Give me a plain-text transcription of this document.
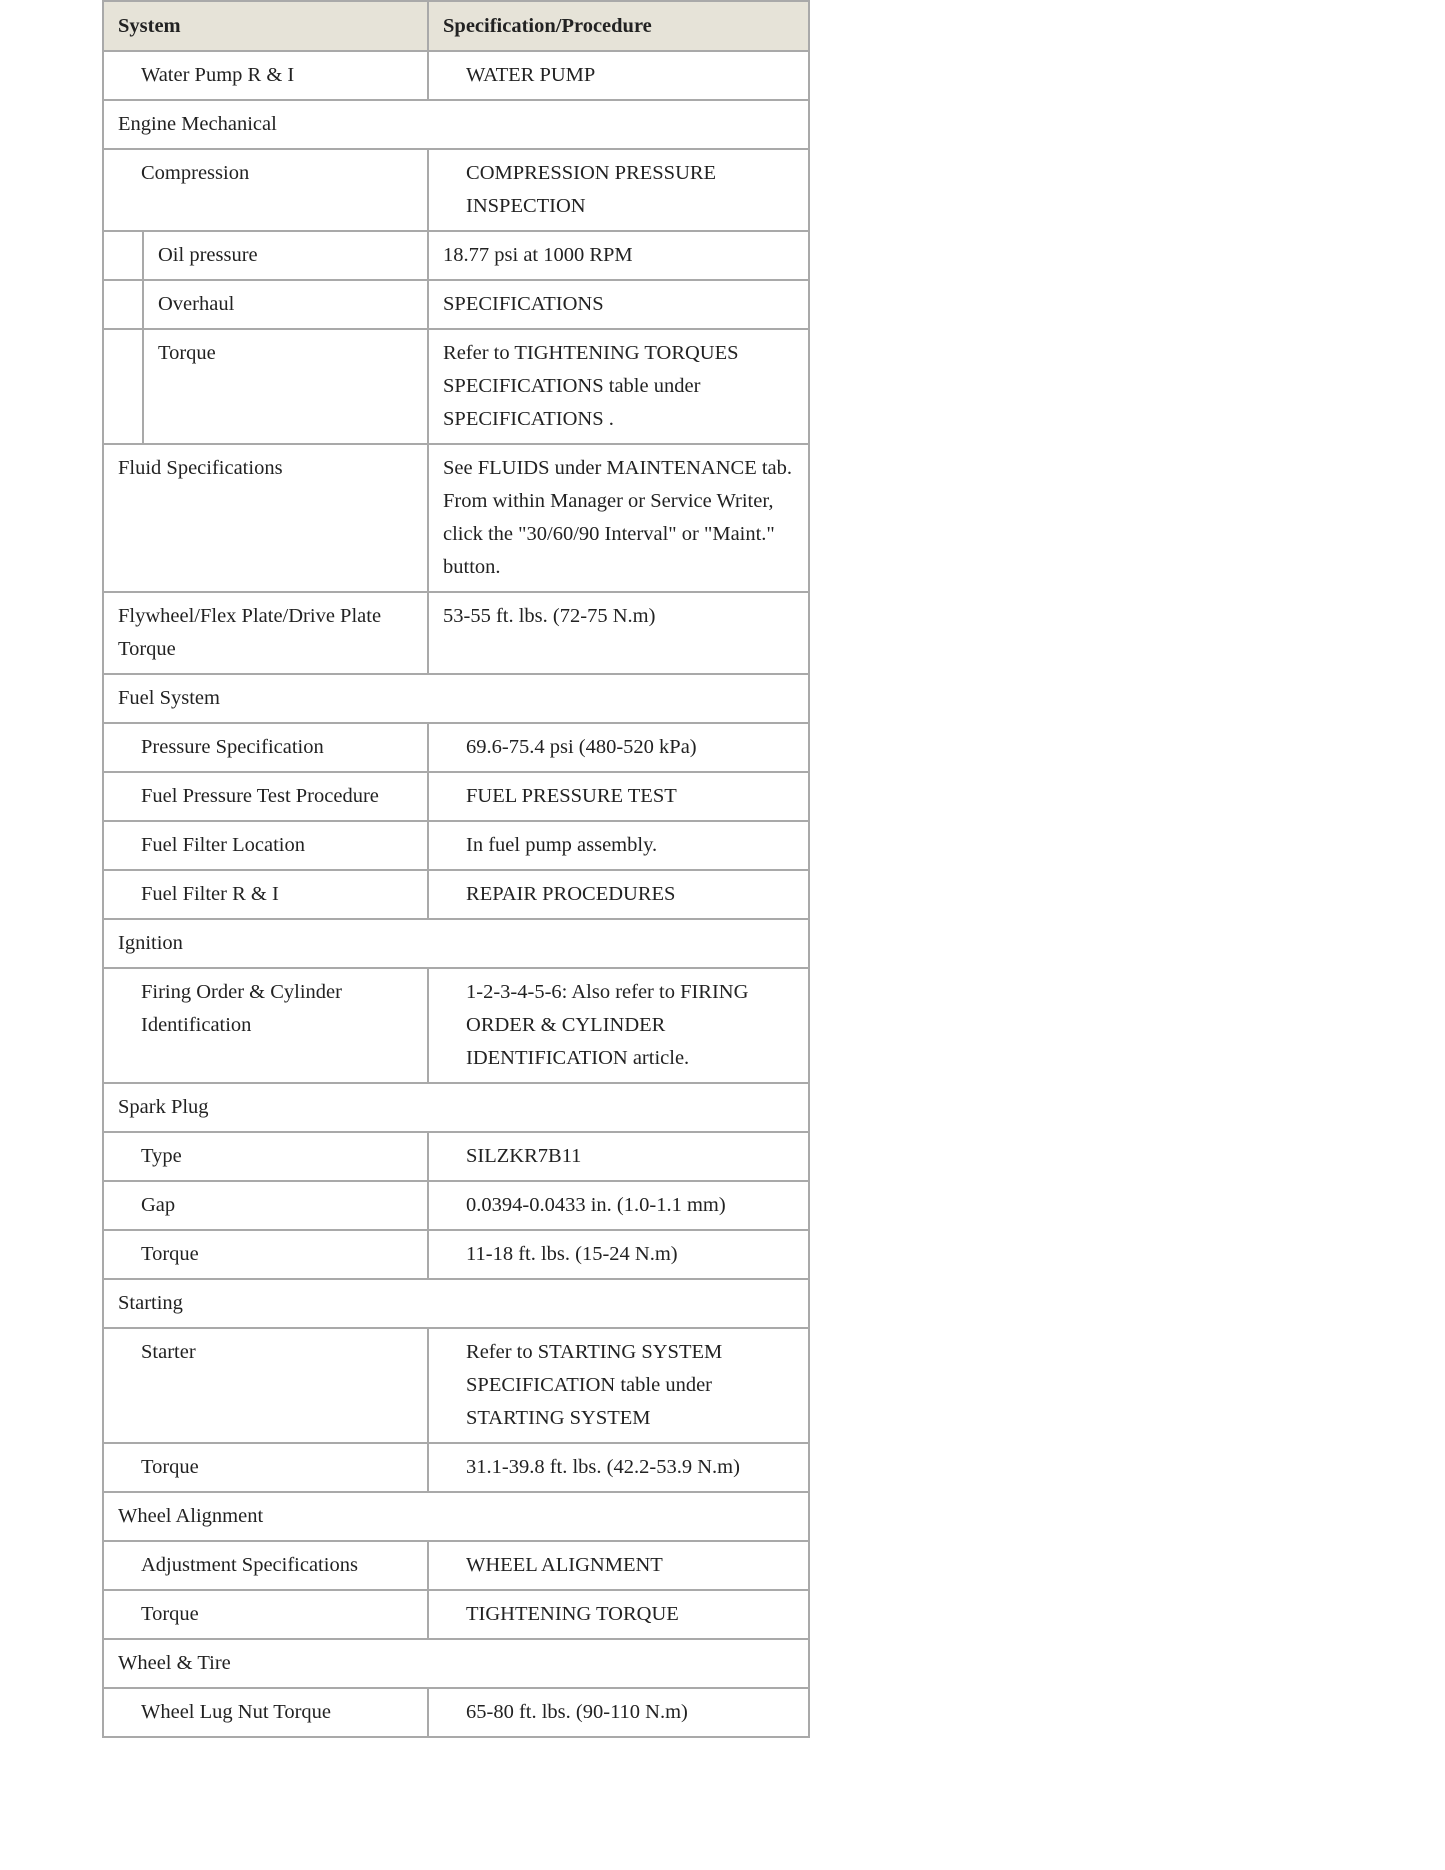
System		Specification/Procedure
Water Pump R & I		WATER PUMP
Engine Mechanical		
Compression		COMPRESSION PRESSURE INSPECTION
	Oil pressure	18.77 psi at 1000 RPM
	Overhaul	SPECIFICATIONS
	Torque	Refer to TIGHTENING TORQUES SPECIFICATIONS table under SPECIFICATIONS .
Fluid Specifications		See FLUIDS under MAINTENANCE tab. From within Manager or Service Writer, click the "30/60/90 Interval" or "Maint." button.
Flywheel/Flex Plate/Drive Plate Torque		53-55 ft. lbs. (72-75 N.m)
Fuel System		
Pressure Specification		69.6-75.4 psi (480-520 kPa)
Fuel Pressure Test Procedure		FUEL PRESSURE TEST
Fuel Filter Location		In fuel pump assembly.
Fuel Filter R & I		REPAIR PROCEDURES
Ignition		
Firing Order & Cylinder Identification		1-2-3-4-5-6: Also refer to FIRING ORDER & CYLINDER IDENTIFICATION article.
Spark Plug		
Type		SILZKR7B11
Gap		0.0394-0.0433 in. (1.0-1.1 mm)
Torque		11-18 ft. lbs. (15-24 N.m)
Starting		
Starter		Refer to STARTING SYSTEM SPECIFICATION table under STARTING SYSTEM
Torque		31.1-39.8 ft. lbs. (42.2-53.9 N.m)
Wheel Alignment		
Adjustment Specifications		WHEEL ALIGNMENT
Torque		TIGHTENING TORQUE
Wheel & Tire		
Wheel Lug Nut Torque		65-80 ft. lbs. (90-110 N.m)
